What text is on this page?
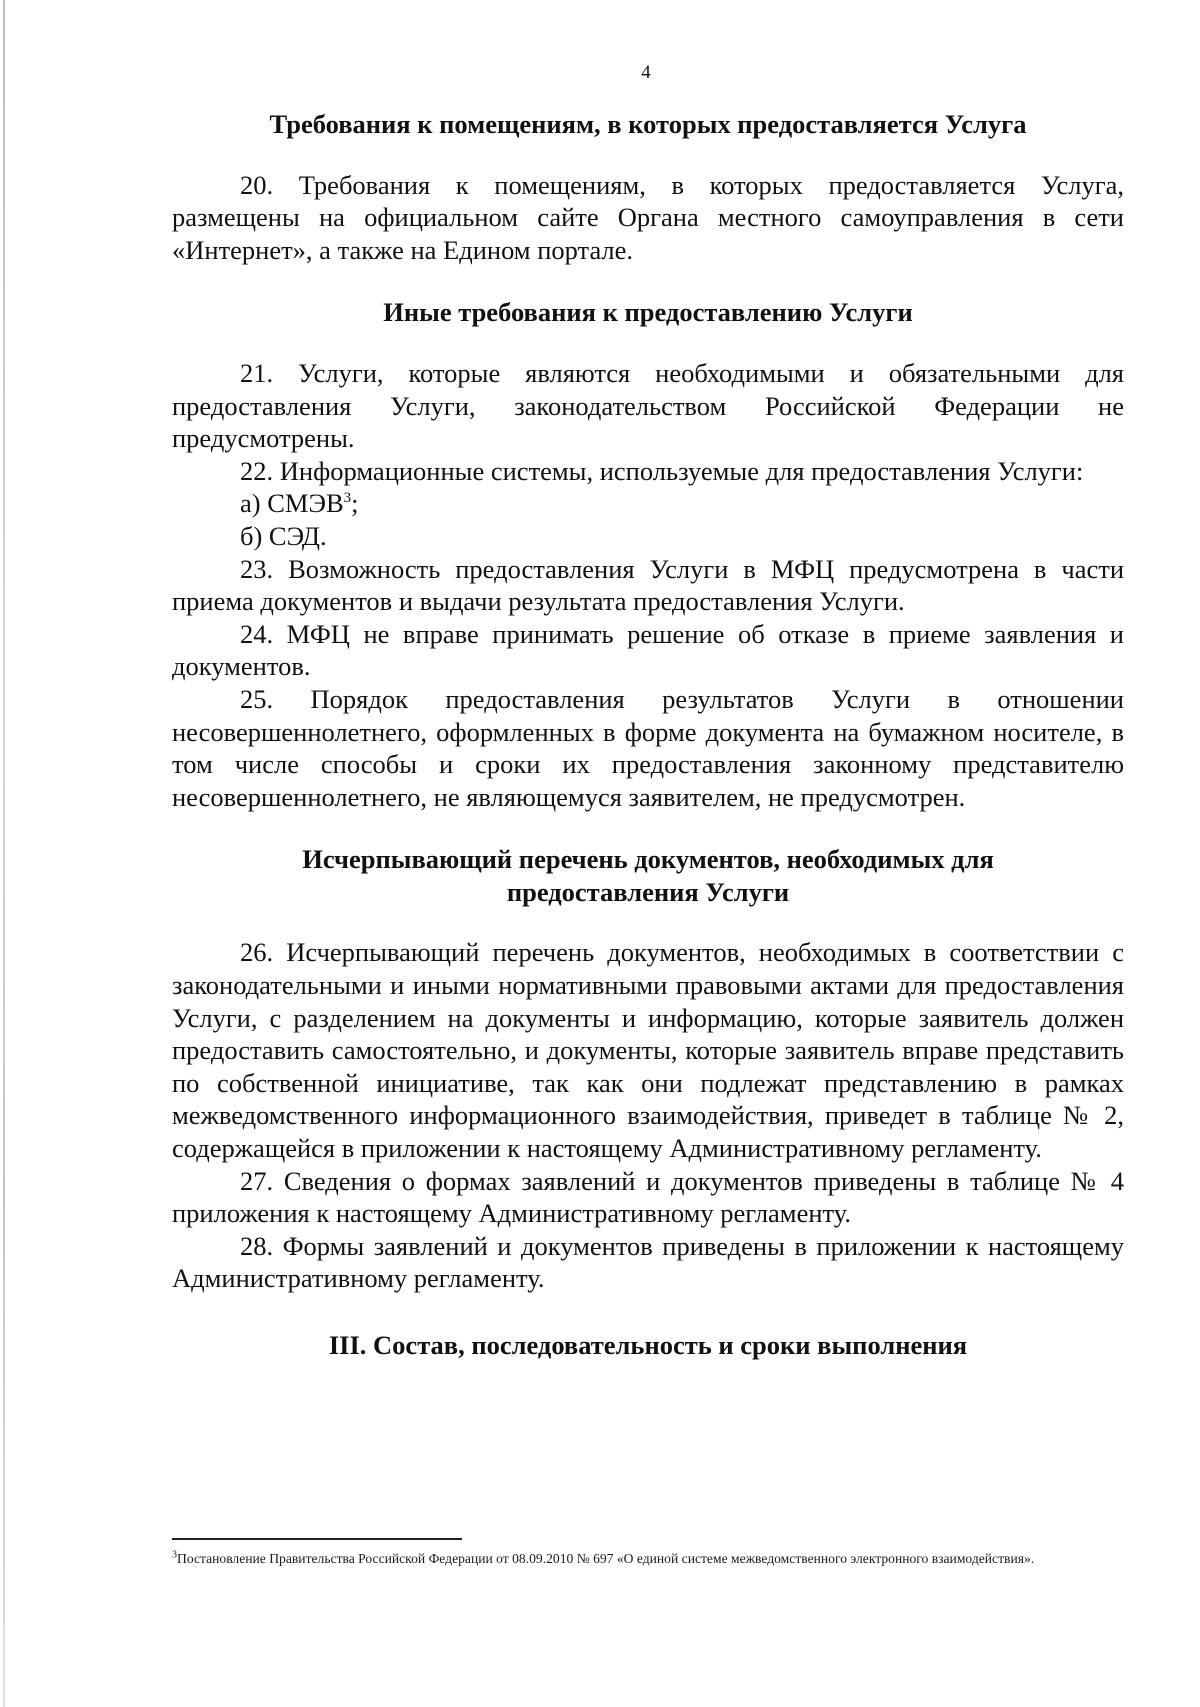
4

Требования к помещениям, в которых предоставляется Услуга

20. Требования к помещениям, в которых предоставляется Услуга, размещены на официальном сайте Органа местного самоуправления в сети «Интернет», а также на Едином портале.

Иные требования к предоставлению Услуги

21. Услуги, которые являются необходимыми и обязательными для предоставления Услуги, законодательством Российской Федерации не предусмотрены.

22. Информационные системы, используемые для предоставления Услуги:

а) СМЭВ$^3$;

б) СЭД.

23. Возможность предоставления Услуги в МФЦ предусмотрена в части приема документов и выдачи результата предоставления Услуги.

24. МФЦ не вправе принимать решение об отказе в приеме заявления и документов.

25. Порядок предоставления результатов Услуги в отношении несовершеннолетнего, оформленных в форме документа на бумажном носителе, в том числе способы и сроки их предоставления законному представителю несовершеннолетнего, не являющемуся заявителем, не предусмотрен.

Исчерпывающий перечень документов, необходимых для
предоставления Услуги

26. Исчерпывающий перечень документов, необходимых в соответствии с законодательными и иными нормативными правовыми актами для предоставления Услуги, с разделением на документы и информацию, которые заявитель должен предоставить самостоятельно, и документы, которые заявитель вправе представить по собственной инициативе, так как они подлежат представлению в рамках межведомственного информационного взаимодействия, приведет в таблице № 2, содержащейся в приложении к настоящему Административному регламенту.

27. Сведения о формах заявлений и документов приведены в таблице № 4 приложения к настоящему Административному регламенту.

28. Формы заявлений и документов приведены в приложении к настоящему Административному регламенту.

III. Состав, последовательность и сроки выполнения

$^3$Постановление Правительства Российской Федерации от 08.09.2010 № 697 «О единой системе межведомственного электронного взаимодействия».
